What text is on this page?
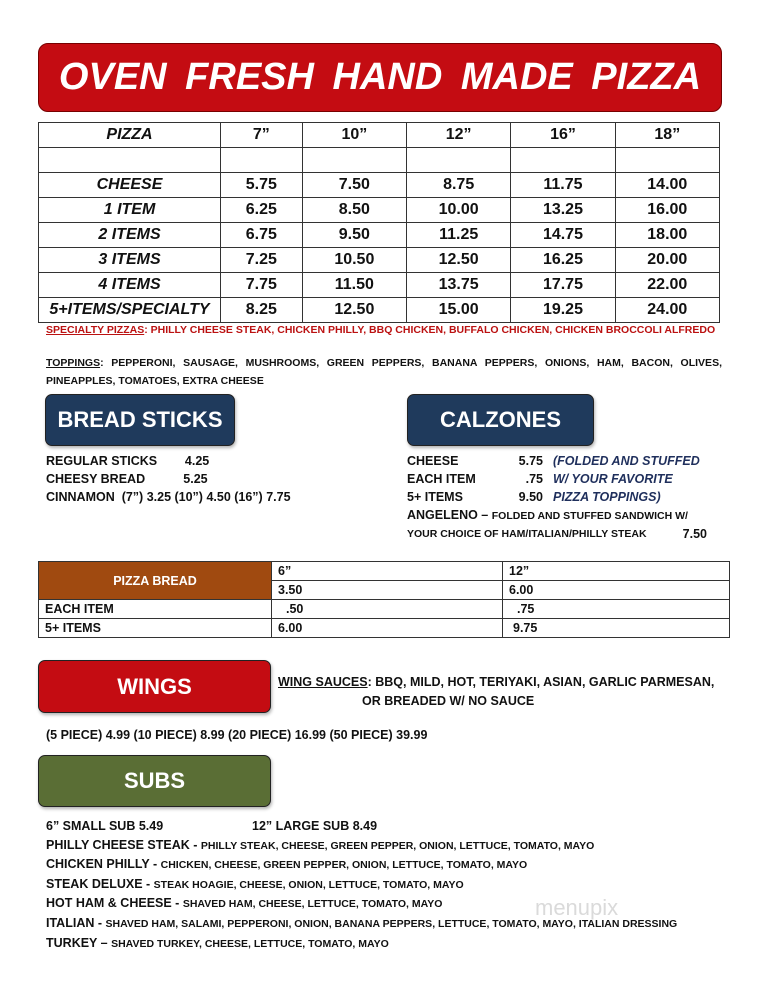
OVEN FRESH HAND MADE PIZZA
PIZZA	7”	10”	12”	16”	18”

CHEESE	5.75	7.50	8.75	11.75	14.00
1 ITEM	6.25	8.50	10.00	13.25	16.00
2 ITEMS	6.75	9.50	11.25	14.75	18.00
3 ITEMS	7.25	10.50	12.50	16.25	20.00
4 ITEMS	7.75	11.50	13.75	17.75	22.00
5+ITEMS/SPECIALTY	8.25	12.50	15.00	19.25	24.00
SPECIALTY PIZZAS: PHILLY CHEESE STEAK, CHICKEN PHILLY, BBQ CHICKEN, BUFFALO CHICKEN, CHICKEN BROCCOLI ALFREDO
TOPPINGS: PEPPERONI, SAUSAGE, MUSHROOMS, GREEN PEPPERS, BANANA PEPPERS, ONIONS, HAM, BACON, OLIVES, PINEAPPLES, TOMATOES, EXTRA CHEESE
BREAD STICKS	CALZONES
REGULAR STICKS        4.25
CHEESY BREAD           5.25
CINNAMON  (7”) 3.25 (10”) 4.50 (16”) 7.75
CHEESE	5.75 (FOLDED AND STUFFED
EACH ITEM	.75 W/ YOUR FAVORITE
5+ ITEMS	9.50 PIZZA TOPPINGS)
ANGELENO – FOLDED AND STUFFED SANDWICH W/
YOUR CHOICE OF HAM/ITALIAN/PHILLY STEAK	7.50
PIZZA BREAD	6”	12”
	3.50	6.00
EACH ITEM	.50	.75
5+ ITEMS	6.00	9.75
WINGS	WING SAUCES: BBQ, MILD, HOT, TERIYAKI, ASIAN, GARLIC PARMESAN,
OR BREADED W/ NO SAUCE
(5 PIECE) 4.99 (10 PIECE) 8.99 (20 PIECE) 16.99 (50 PIECE) 39.99
SUBS
6” SMALL SUB 5.49	12” LARGE SUB 8.49
PHILLY CHEESE STEAK - PHILLY STEAK, CHEESE, GREEN PEPPER, ONION, LETTUCE, TOMATO, MAYO
CHICKEN PHILLY - CHICKEN, CHEESE, GREEN PEPPER, ONION, LETTUCE, TOMATO, MAYO
STEAK DELUXE - STEAK HOAGIE, CHEESE, ONION, LETTUCE, TOMATO, MAYO
HOT HAM & CHEESE - SHAVED HAM, CHEESE, LETTUCE, TOMATO, MAYO
ITALIAN - SHAVED HAM, SALAMI, PEPPERONI, ONION, BANANA PEPPERS, LETTUCE, TOMATO, MAYO, ITALIAN DRESSING
TURKEY – SHAVED TURKEY, CHEESE, LETTUCE, TOMATO, MAYO
menupix
